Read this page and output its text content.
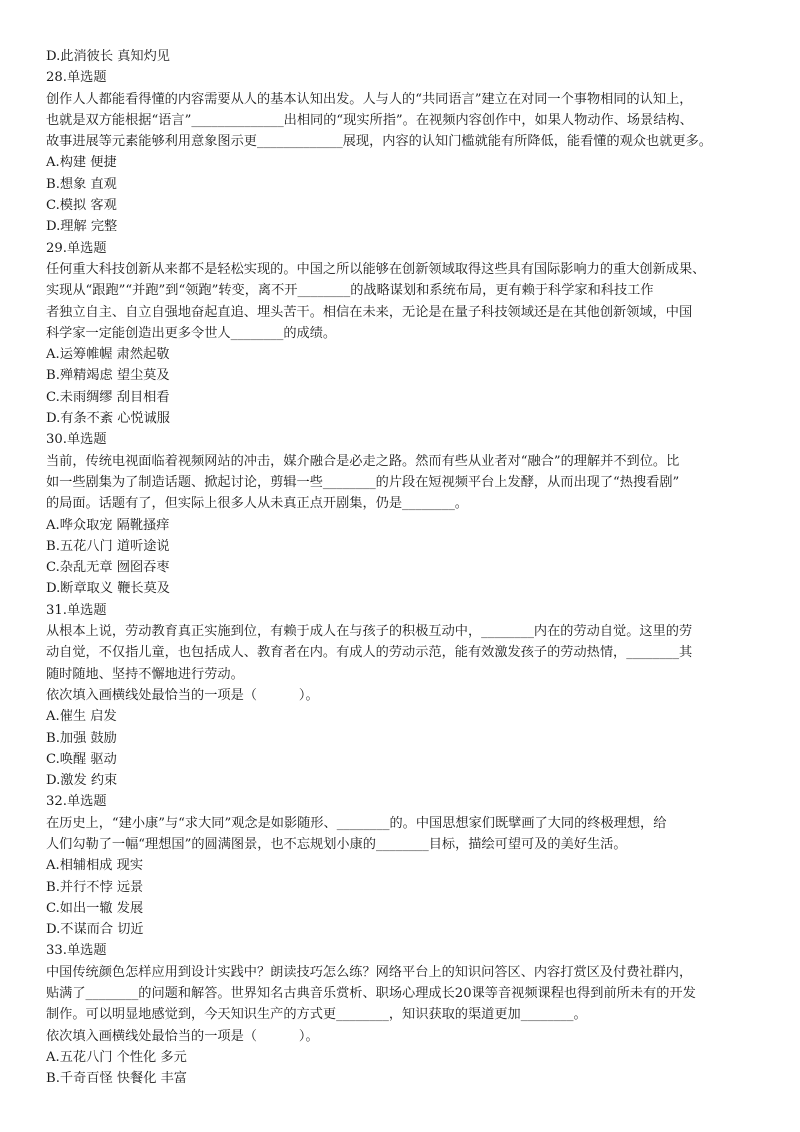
D.此消彼长 真知灼见
28.单选题
创作人人都能看得懂的内容需要从人的基本认知出发。人与人的“共同语言”建立在对同一个事物相同的认知上，
也就是双方能根据“语言”______________出相同的“现实所指”。在视频内容创作中，如果人物动作、场景结构、
故事进展等元素能够利用意象图示更_____________展现，内容的认知门槛就能有所降低，能看懂的观众也就更多。
A.构建 便捷
B.想象 直观
C.模拟 客观
D.理解 完整
29.单选题
任何重大科技创新从来都不是轻松实现的。中国之所以能够在创新领域取得这些具有国际影响力的重大创新成果、
实现从“跟跑”“并跑”到“领跑”转变，离不开________的战略谋划和系统布局，更有赖于科学家和科技工作
者独立自主、自立自强地奋起直追、埋头苦干。相信在未来，无论是在量子科技领域还是在其他创新领域，中国
科学家一定能创造出更多令世人________的成绩。
A.运筹帷幄 肃然起敬
B.殚精竭虑 望尘莫及
C.未雨绸缪 刮目相看
D.有条不紊 心悦诚服
30.单选题
当前，传统电视面临着视频网站的冲击，媒介融合是必走之路。然而有些从业者对“融合”的理解并不到位。比
如一些剧集为了制造话题、掀起讨论，剪辑一些________的片段在短视频平台上发酵，从而出现了“热搜看剧”
的局面。话题有了，但实际上很多人从未真正点开剧集，仍是________。
A.哗众取宠 隔靴搔痒
B.五花八门 道听途说
C.杂乱无章 囫囵吞枣
D.断章取义 鞭长莫及
31.单选题
从根本上说，劳动教育真正实施到位，有赖于成人在与孩子的积极互动中，________内在的劳动自觉。这里的劳
动自觉，不仅指儿童，也包括成人、教育者在内。有成人的劳动示范，能有效激发孩子的劳动热情，________其
随时随地、坚持不懈地进行劳动。
依次填入画横线处最恰当的一项是（          ）。
A.催生 启发
B.加强 鼓励
C.唤醒 驱动
D.激发 约束
32.单选题
在历史上，“建小康”与“求大同”观念是如影随形、________的。中国思想家们既擘画了大同的终极理想，给
人们勾勒了一幅“理想国”的圆满图景，也不忘规划小康的________目标，描绘可望可及的美好生活。
A.相辅相成 现实
B.并行不悖 远景
C.如出一辙 发展
D.不谋而合 切近
33.单选题
中国传统颜色怎样应用到设计实践中？朗读技巧怎么练？网络平台上的知识问答区、内容打赏区及付费社群内，
贴满了________的问题和解答。世界知名古典音乐赏析、职场心理成长20课等音视频课程也得到前所未有的开发
制作。可以明显地感觉到，今天知识生产的方式更________，知识获取的渠道更加________。
依次填入画横线处最恰当的一项是（          ）。
A.五花八门 个性化 多元
B.千奇百怪 快餐化 丰富
